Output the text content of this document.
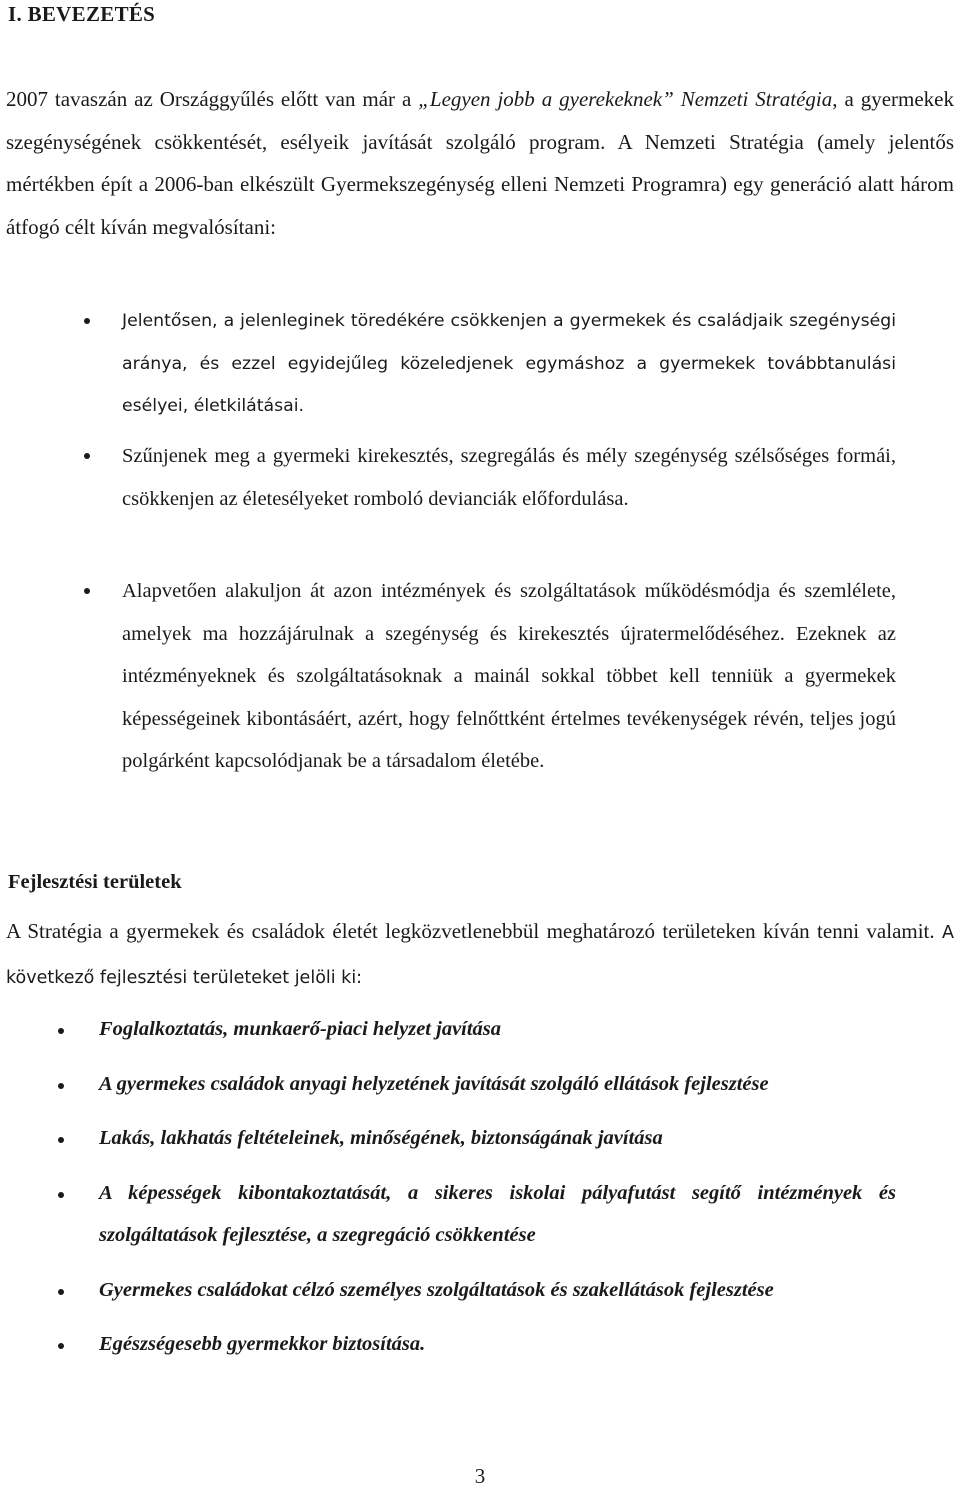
I. BEVEZETÉS

2007 tavaszán az Országgyűlés előtt van már a „Legyen jobb a gyerekeknek” Nemzeti Stratégia, a gyermekek szegénységének csökkentését, esélyeik javítását szolgáló program. A Nemzeti Stratégia (amely jelentős mértékben épít a 2006-ban elkészült Gyermekszegénység elleni Nemzeti Programra) egy generáció alatt három átfogó célt kíván megvalósítani:

Jelentősen, a jelenleginek töredékére csökkenjen a gyermekek és családjaik szegénységi aránya, és ezzel egyidejűleg közeledjenek egymáshoz a gyermekek továbbtanulási esélyei, életkilátásai.
Szűnjenek meg a gyermeki kirekesztés, szegregálás és mély szegénység szélsőséges formái, csökkenjen az életesélyeket romboló devianciák előfordulása.
Alapvetően alakuljon át azon intézmények és szolgáltatások működésmódja és szemlélete, amelyek ma hozzájárulnak a szegénység és kirekesztés újratermelődéséhez. Ezeknek az intézményeknek és szolgáltatásoknak a mainál sokkal többet kell tenniük a gyermekek képességeinek kibontásáért, azért, hogy felnőttként értelmes tevékenységek révén, teljes jogú polgárként kapcsolódjanak be a társadalom életébe.
Fejlesztési területek

A Stratégia a gyermekek és családok életét legközvetlenebbül meghatározó területeken kíván tenni valamit. A következő fejlesztési területeket jelöli ki:

Foglalkoztatás, munkaerő-piaci helyzet javítása
A gyermekes családok anyagi helyzetének javítását szolgáló ellátások fejlesztése
Lakás, lakhatás feltételeinek, minőségének, biztonságának javítása
A képességek kibontakoztatását, a sikeres iskolai pályafutást segítő intézmények és szolgáltatások fejlesztése, a szegregáció csökkentése
Gyermekes családokat célzó személyes szolgáltatások és szakellátások fejlesztése
Egészségesebb gyermekkor biztosítása.
3
